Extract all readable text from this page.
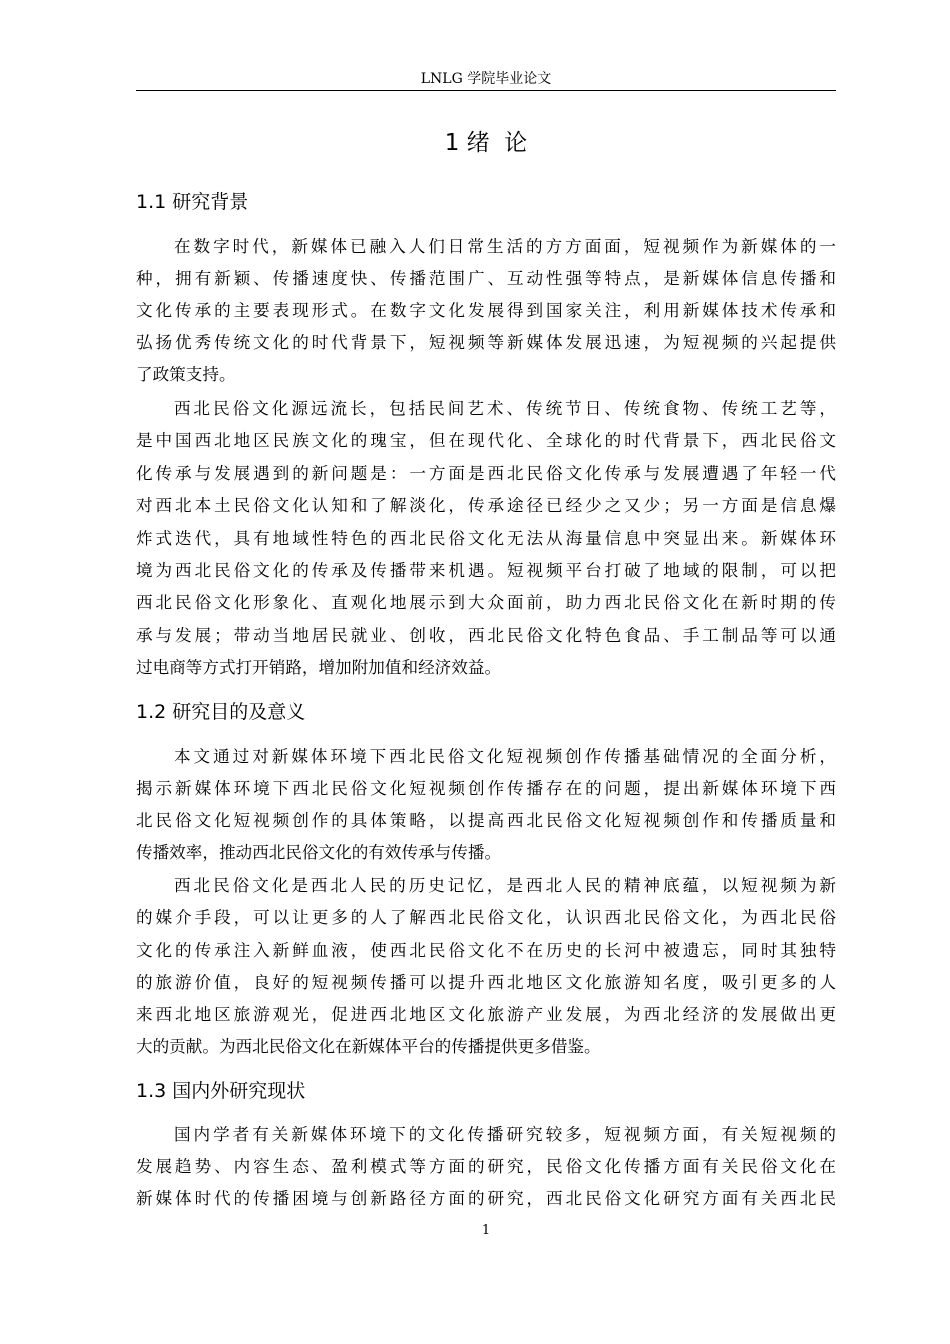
LNLG 学院毕业论文
1 绪  论
1.1 研究背景
在数字时代，新媒体已融入人们日常生活的方方面面，短视频作为新媒体的一
种，拥有新颖、传播速度快、传播范围广、互动性强等特点，是新媒体信息传播和
文化传承的主要表现形式。在数字文化发展得到国家关注，利用新媒体技术传承和
弘扬优秀传统文化的时代背景下，短视频等新媒体发展迅速，为短视频的兴起提供
了政策支持。
西北民俗文化源远流长，包括民间艺术、传统节日、传统食物、传统工艺等，
是中国西北地区民族文化的瑰宝，但在现代化、全球化的时代背景下，西北民俗文
化传承与发展遇到的新问题是：一方面是西北民俗文化传承与发展遭遇了年轻一代
对西北本土民俗文化认知和了解淡化，传承途径已经少之又少；另一方面是信息爆
炸式迭代，具有地域性特色的西北民俗文化无法从海量信息中突显出来。新媒体环
境为西北民俗文化的传承及传播带来机遇。短视频平台打破了地域的限制，可以把
西北民俗文化形象化、直观化地展示到大众面前，助力西北民俗文化在新时期的传
承与发展；带动当地居民就业、创收，西北民俗文化特色食品、手工制品等可以通
过电商等方式打开销路，增加附加值和经济效益。
1.2 研究目的及意义
本文通过对新媒体环境下西北民俗文化短视频创作传播基础情况的全面分析，
揭示新媒体环境下西北民俗文化短视频创作传播存在的问题，提出新媒体环境下西
北民俗文化短视频创作的具体策略，以提高西北民俗文化短视频创作和传播质量和
传播效率，推动西北民俗文化的有效传承与传播。
西北民俗文化是西北人民的历史记忆，是西北人民的精神底蕴，以短视频为新
的媒介手段，可以让更多的人了解西北民俗文化，认识西北民俗文化，为西北民俗
文化的传承注入新鲜血液，使西北民俗文化不在历史的长河中被遗忘，同时其独特
的旅游价值，良好的短视频传播可以提升西北地区文化旅游知名度，吸引更多的人
来西北地区旅游观光，促进西北地区文化旅游产业发展，为西北经济的发展做出更
大的贡献。为西北民俗文化在新媒体平台的传播提供更多借鉴。
1.3 国内外研究现状
国内学者有关新媒体环境下的文化传播研究较多，短视频方面，有关短视频的
发展趋势、内容生态、盈利模式等方面的研究，民俗文化传播方面有关民俗文化在
新媒体时代的传播困境与创新路径方面的研究，西北民俗文化研究方面有关西北民
1
